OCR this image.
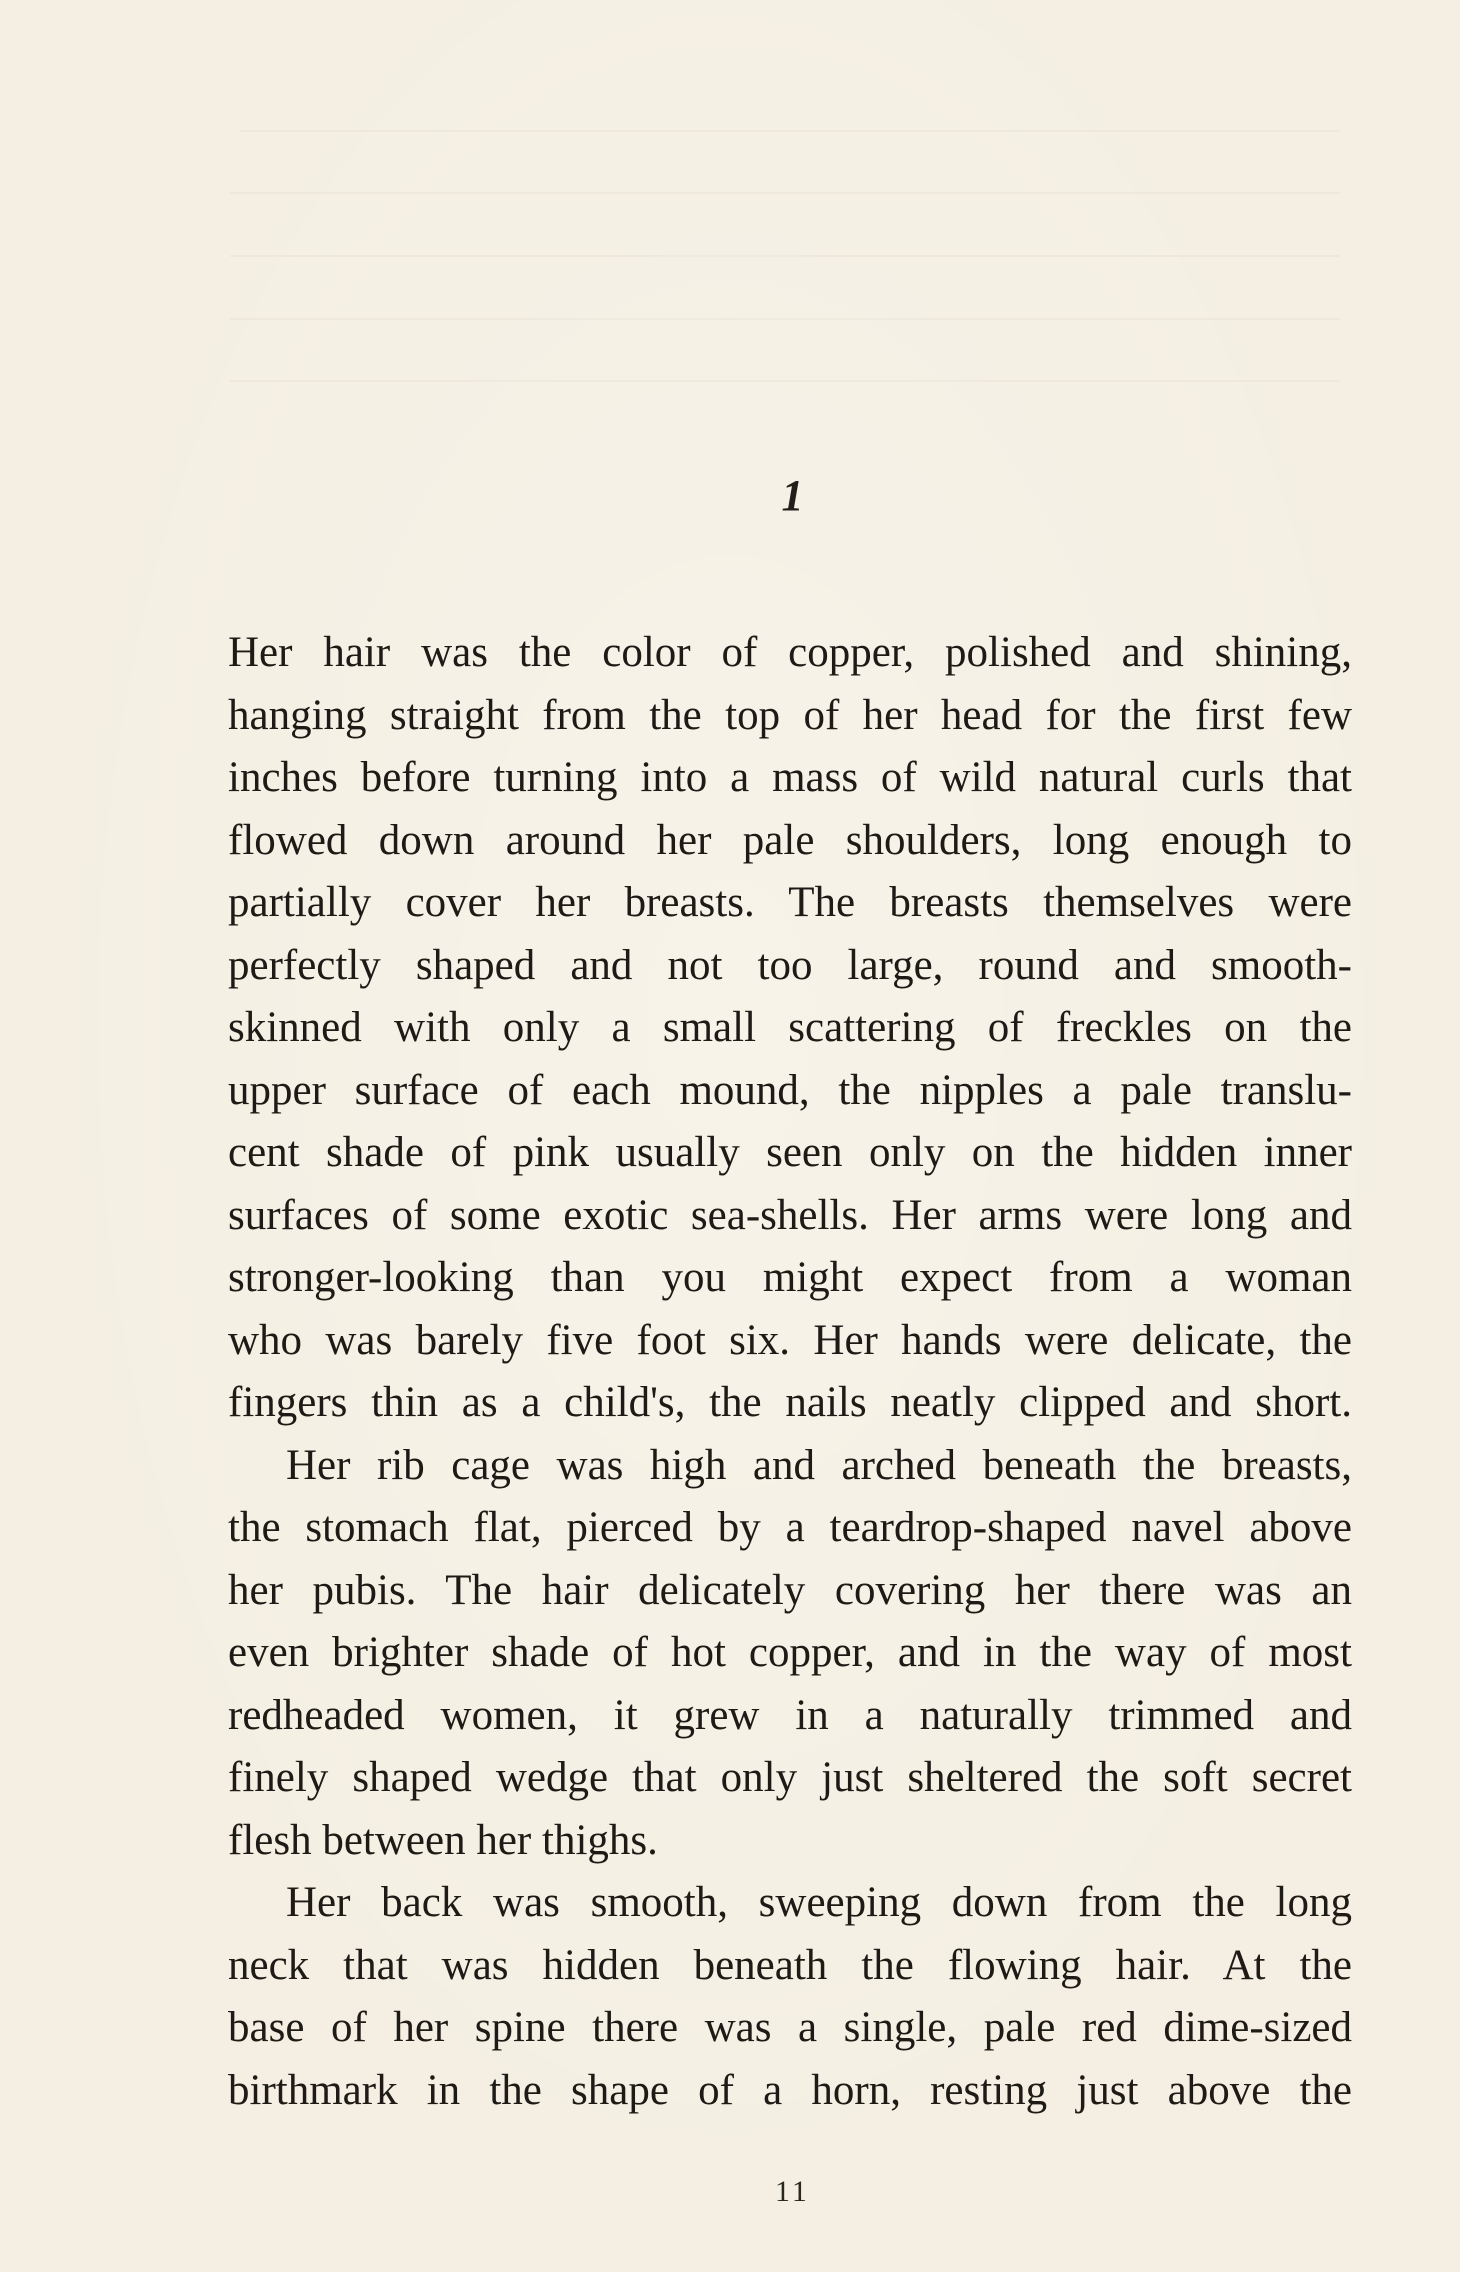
1

Her hair was the color of copper, polished and shining,
hanging straight from the top of her head for the first few
inches before turning into a mass of wild natural curls that
flowed down around her pale shoulders, long enough to
partially cover her breasts. The breasts themselves were
perfectly shaped and not too large, round and smooth-
skinned with only a small scattering of freckles on the
upper surface of each mound, the nipples a pale translu-
cent shade of pink usually seen only on the hidden inner
surfaces of some exotic sea-shells. Her arms were long and
stronger-looking than you might expect from a woman
who was barely five foot six. Her hands were delicate, the
fingers thin as a child's, the nails neatly clipped and short.

Her rib cage was high and arched beneath the breasts,
the stomach flat, pierced by a teardrop-shaped navel above
her pubis. The hair delicately covering her there was an
even brighter shade of hot copper, and in the way of most
redheaded women, it grew in a naturally trimmed and
finely shaped wedge that only just sheltered the soft secret
flesh between her thighs.

Her back was smooth, sweeping down from the long
neck that was hidden beneath the flowing hair. At the
base of her spine there was a single, pale red dime-sized
birthmark in the shape of a horn, resting just above the

11
